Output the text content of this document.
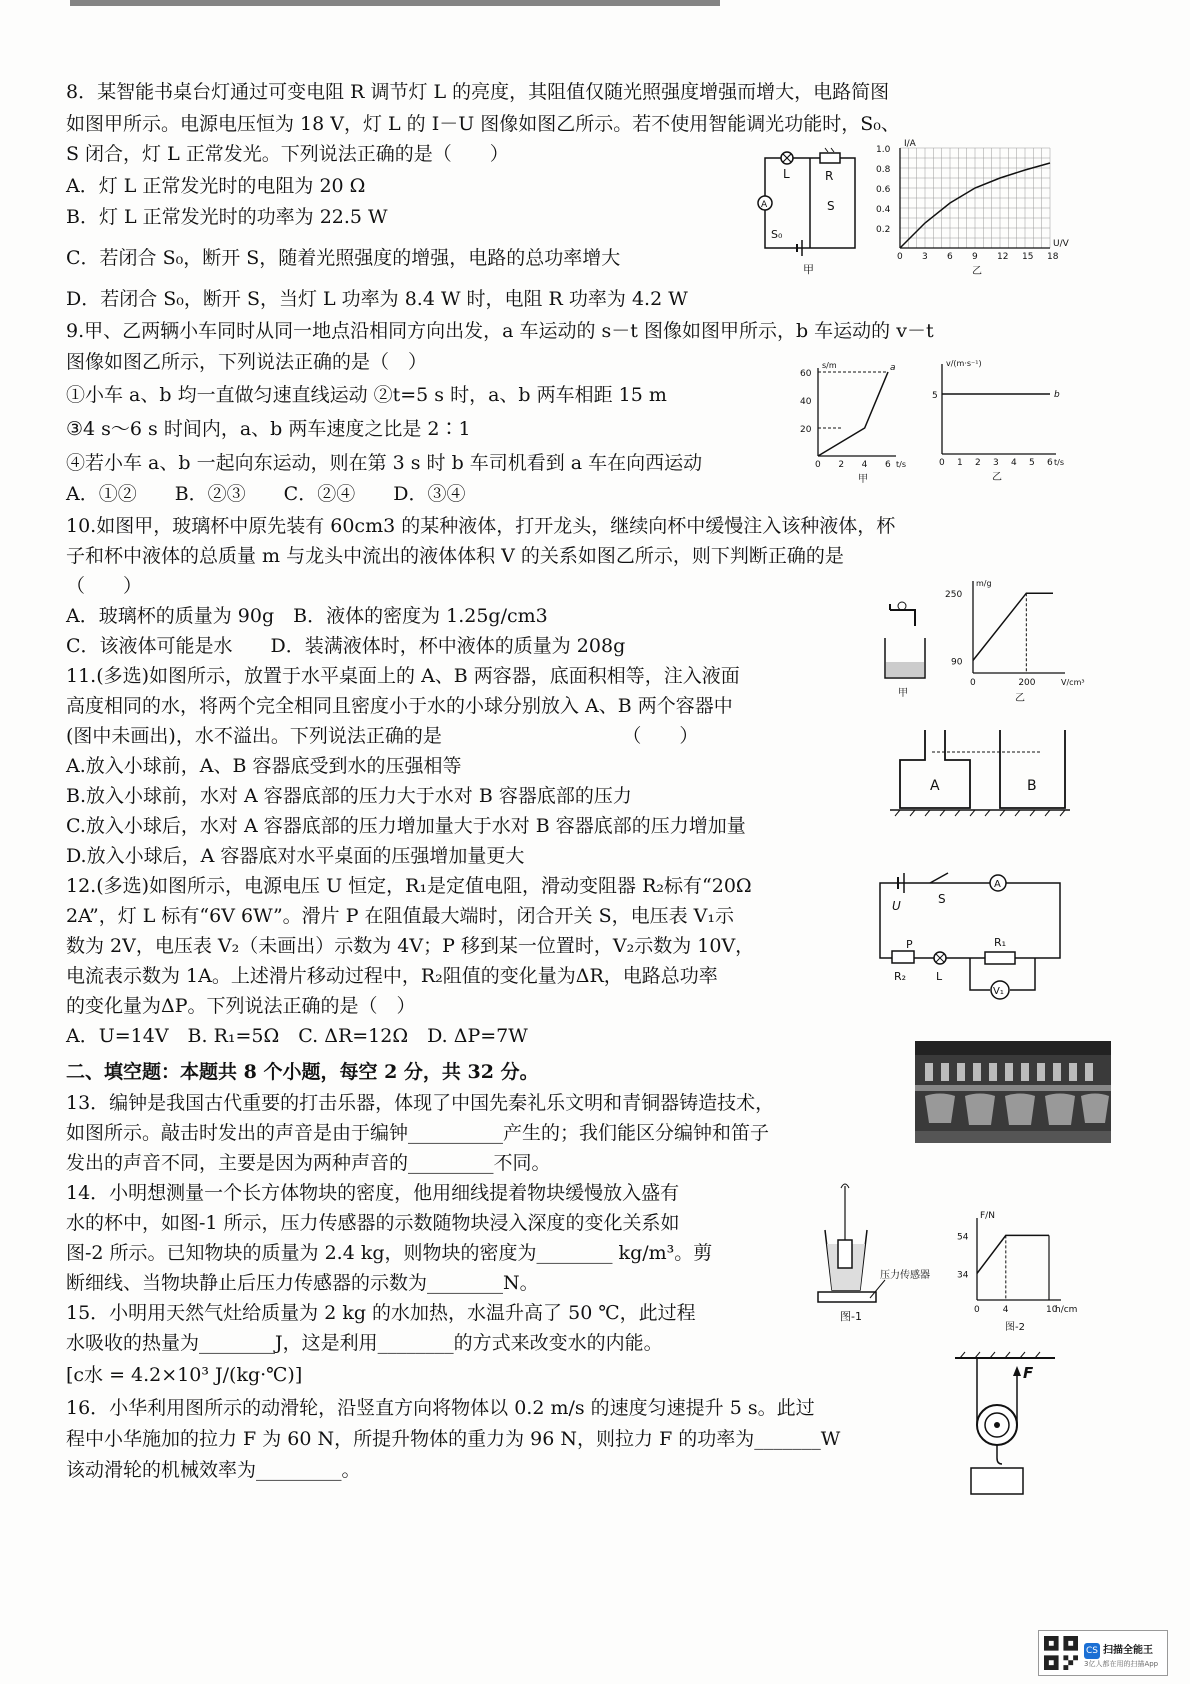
8．某智能书桌台灯通过可变电阻 R 调节灯 L 的亮度，其阻值仅随光照强度增强而增大，电路简图
如图甲所示。电源电压恒为 18 V，灯 L 的 I－U 图像如图乙所示。若不使用智能调光功能时，S₀、
S 闭合，灯 L 正常发光。下列说法正确的是（　　）
A．灯 L 正常发光时的电阻为 20 Ω
B．灯 L 正常发光时的功率为 22.5 W
C．若闭合 S₀，断开 S，随着光照强度的增强，电路的总功率增大
D．若闭合 S₀，断开 S，当灯 L 功率为 8.4 W 时，电阻 R 功率为 4.2 W
9.甲、乙两辆小车同时从同一地点沿相同方向出发，a 车运动的 s－t 图像如图甲所示，b 车运动的 v－t
图像如图乙所示，下列说法正确的是（　）
①小车 a、b 均一直做匀速直线运动 ②t=5 s 时，a、b 两车相距 15 m
③4 s～6 s 时间内，a、b 两车速度之比是 2∶1
④若小车 a、b 一起向东运动，则在第 3 s 时 b 车司机看到 a 车在向西运动
A．①②　　B．②③　　C．②④　　D．③④
10.如图甲，玻璃杯中原先装有 60cm3 的某种液体，打开龙头，继续向杯中缓慢注入该种液体，杯
子和杯中液体的总质量 m 与龙头中流出的液体体积 V 的关系如图乙所示，则下判断正确的是
（　　）
A．玻璃杯的质量为 90g　B．液体的密度为 1.25g/cm3
C．该液体可能是水　　D．装满液体时，杯中液体的质量为 208g
11.(多选)如图所示，放置于水平桌面上的 A、B 两容器，底面积相等，注入液面
高度相同的水，将两个完全相同且密度小于水的小球分别放入 A、B 两个容器中
(图中未画出)，水不溢出。下列说法正确的是　　　　　　　　　　（　　）
A.放入小球前，A、B 容器底受到水的压强相等
B.放入小球前，水对 A 容器底部的压力大于水对 B 容器底部的压力
C.放入小球后，水对 A 容器底部的压力增加量大于水对 B 容器底部的压力增加量
D.放入小球后，A 容器底对水平桌面的压强增加量更大
12.(多选)如图所示，电源电压 U 恒定，R₁是定值电阻，滑动变阻器 R₂标有“20Ω
2A”，灯 L 标有“6V 6W”。滑片 P 在阻值最大端时，闭合开关 S，电压表 V₁示
数为 2V，电压表 V₂（未画出）示数为 4V；P 移到某一位置时，V₂示数为 10V，
电流表示数为 1A。上述滑片移动过程中，R₂阻值的变化量为ΔR，电路总功率
的变化量为ΔP。下列说法正确的是（　）
A．U=14V　B. R₁=5Ω　C. ΔR=12Ω　D. ΔP=7W
二、填空题：本题共 8 个小题，每空 2 分，共 32 分。
13．编钟是我国古代重要的打击乐器，体现了中国先秦礼乐文明和青铜器铸造技术，
如图所示。敲击时发出的声音是由于编钟__________产生的；我们能区分编钟和笛子
发出的声音不同，主要是因为两种声音的_________不同。
14．小明想测量一个长方体物块的密度，他用细线提着物块缓慢放入盛有
水的杯中，如图-1 所示，压力传感器的示数随物块浸入深度的变化关系如
图-2 所示。已知物块的质量为 2.4 kg，则物块的密度为________ kg/m³。剪
断细线、当物块静止后压力传感器的示数为________N。
15．小明用天然气灶给质量为 2 kg 的水加热，水温升高了 50 ℃，此过程
水吸收的热量为________J，这是利用________的方式来改变水的内能。
[c水 = 4.2×10³ J/(kg·℃)]
16．小华利用图所示的动滑轮，沿竖直方向将物体以 0.2 m/s 的速度匀速提升 5 s。此过
程中小华施加的拉力 F 为 60 N，所提升物体的重力为 96 N，则拉力 F 的功率为_______W
该动滑轮的机械效率为_________。
A
L	R
S
S₀
甲
1.0
0.8
0.6
0.4
0.2
0 3 6 9 12 15 18
I/A
U/V
乙
60
40
20
0 2 4 6
s/m
t/s
a
甲
5
0 1 2 3 4 5 6
v/(m·s⁻¹)
t/s
b
乙
甲
250
90
0	200
m/g
V/cm³
乙
A	B
U	S
A
P
R₂	L
R₁
V₁
压力传感器
图-1
54
34
0	4	10
F/N
h/cm
图-2
F
CS 扫描全能王
3亿人都在用的扫描App
